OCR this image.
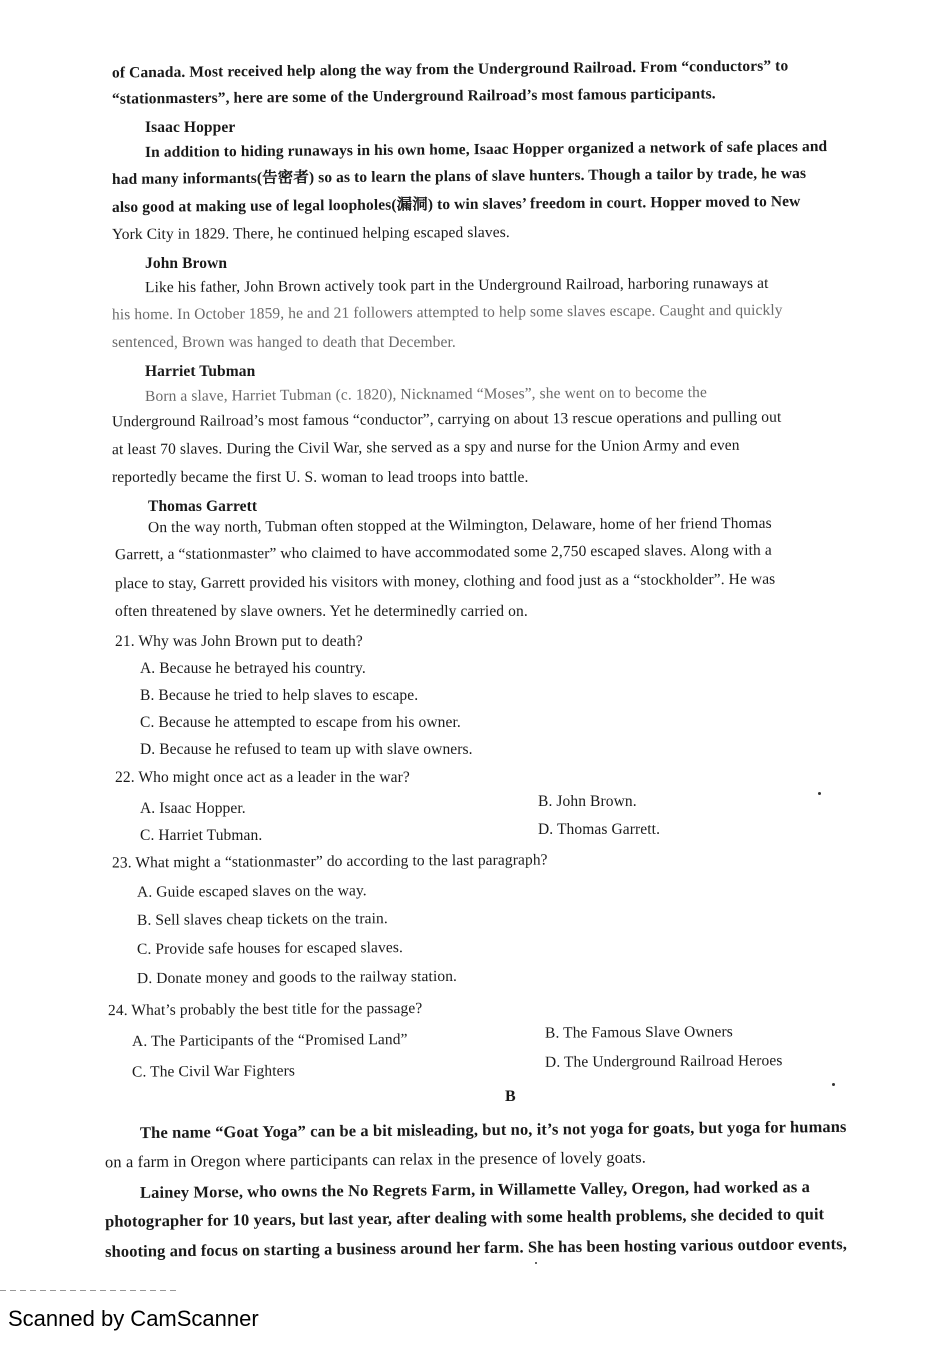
of Canada. Most received help along the way from the Underground Railroad. From “conductors” to
“stationmasters”, here are some of the Underground Railroad’s most famous participants.
Isaac Hopper
In addition to hiding runaways in his own home, Isaac Hopper organized a network of safe places and
had many informants(告密者) so as to learn the plans of slave hunters. Though a tailor by trade, he was
also good at making use of legal loopholes(漏洞) to win slaves’ freedom in court. Hopper moved to New
York City in 1829. There, he continued helping escaped slaves.
John Brown
Like his father, John Brown actively took part in the Underground Railroad, harboring runaways at
his home. In October 1859, he and 21 followers attempted to help some slaves escape. Caught and quickly
sentenced, Brown was hanged to death that December.
Harriet Tubman
Born a slave, Harriet Tubman (c. 1820), Nicknamed “Moses”, she went on to become the
Underground Railroad’s most famous “conductor”, carrying on about 13 rescue operations and pulling out
at least 70 slaves. During the Civil War, she served as a spy and nurse for the Union Army and even
reportedly became the first U. S. woman to lead troops into battle.
Thomas Garrett
On the way north, Tubman often stopped at the Wilmington, Delaware, home of her friend Thomas
Garrett, a “stationmaster” who claimed to have accommodated some 2,750 escaped slaves. Along with a
place to stay, Garrett provided his visitors with money, clothing and food just as a “stockholder”. He was
often threatened by slave owners. Yet he determinedly carried on.
21. Why was John Brown put to death?
A. Because he betrayed his country.
B. Because he tried to help slaves to escape.
C. Because he attempted to escape from his owner.
D. Because he refused to team up with slave owners.
22. Who might once act as a leader in the war?
A. Isaac Hopper.	B. John Brown.
C. Harriet Tubman.	D. Thomas Garrett.
23. What might a “stationmaster” do according to the last paragraph?
A. Guide escaped slaves on the way.
B. Sell slaves cheap tickets on the train.
C. Provide safe houses for escaped slaves.
D. Donate money and goods to the railway station.
24. What’s probably the best title for the passage?
A. The Participants of the “Promised Land”	B. The Famous Slave Owners
C. The Civil War Fighters
D. The Underground Railroad Heroes
B
The name “Goat Yoga” can be a bit misleading, but no, it’s not yoga for goats, but yoga for humans
on a farm in Oregon where participants can relax in the presence of lovely goats.
Lainey Morse, who owns the No Regrets Farm, in Willamette Valley, Oregon, had worked as a
photographer for 10 years, but last year, after dealing with some health problems, she decided to quit
shooting and focus on starting a business around her farm. She has been hosting various outdoor events,
Scanned by CamScanner
